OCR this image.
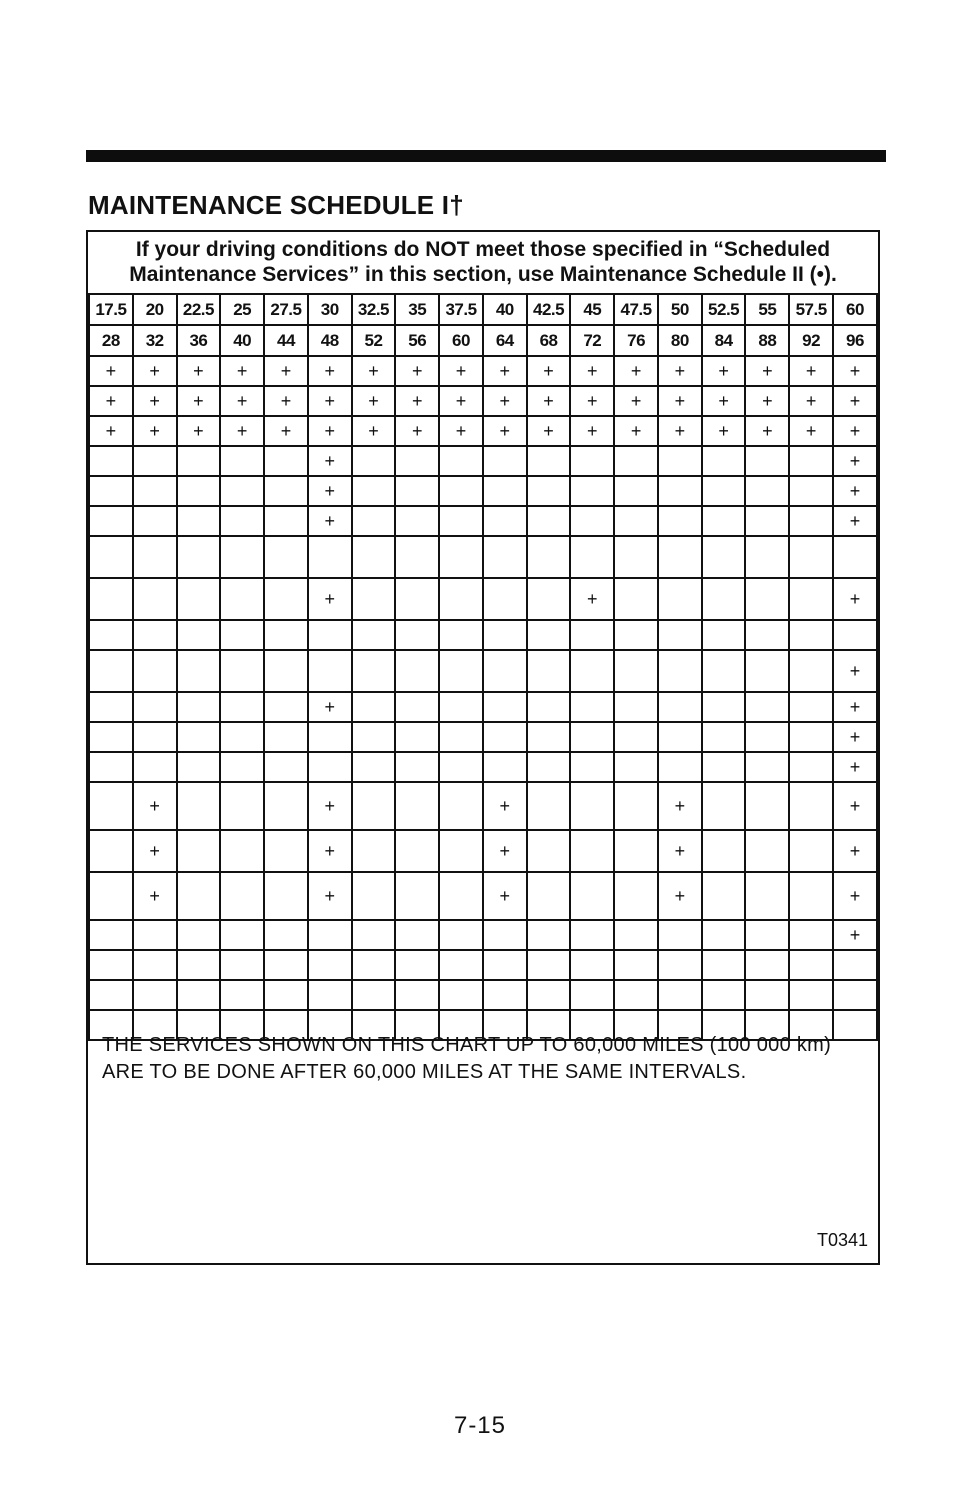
MAINTENANCE SCHEDULE I†
If your driving conditions do NOT meet those specified in “Scheduled
Maintenance Services” in this section, use Maintenance Schedule II (•).
17.5	20	22.5	25	27.5	30	32.5	35	37.5	40	42.5	45	47.5	50	52.5	55	57.5	60
28	32	36	40	44	48	52	56	60	64	68	72	76	80	84	88	92	96
+	+	+	+	+	+	+	+	+	+	+	+	+	+	+	+	+	+
+	+	+	+	+	+	+	+	+	+	+	+	+	+	+	+	+	+
+	+	+	+	+	+	+	+	+	+	+	+	+	+	+	+	+	+
					+												+
					+												+
					+												+

					+						+						+

																	+
					+												+
																	+
																	+
	+				+				+				+				+
	+				+				+				+				+
	+				+				+				+				+
																	+

THE SERVICES SHOWN ON THIS CHART UP TO 60,000 MILES (100 000 km)
ARE TO BE DONE AFTER 60,000 MILES AT THE SAME INTERVALS.
T0341
7-15
